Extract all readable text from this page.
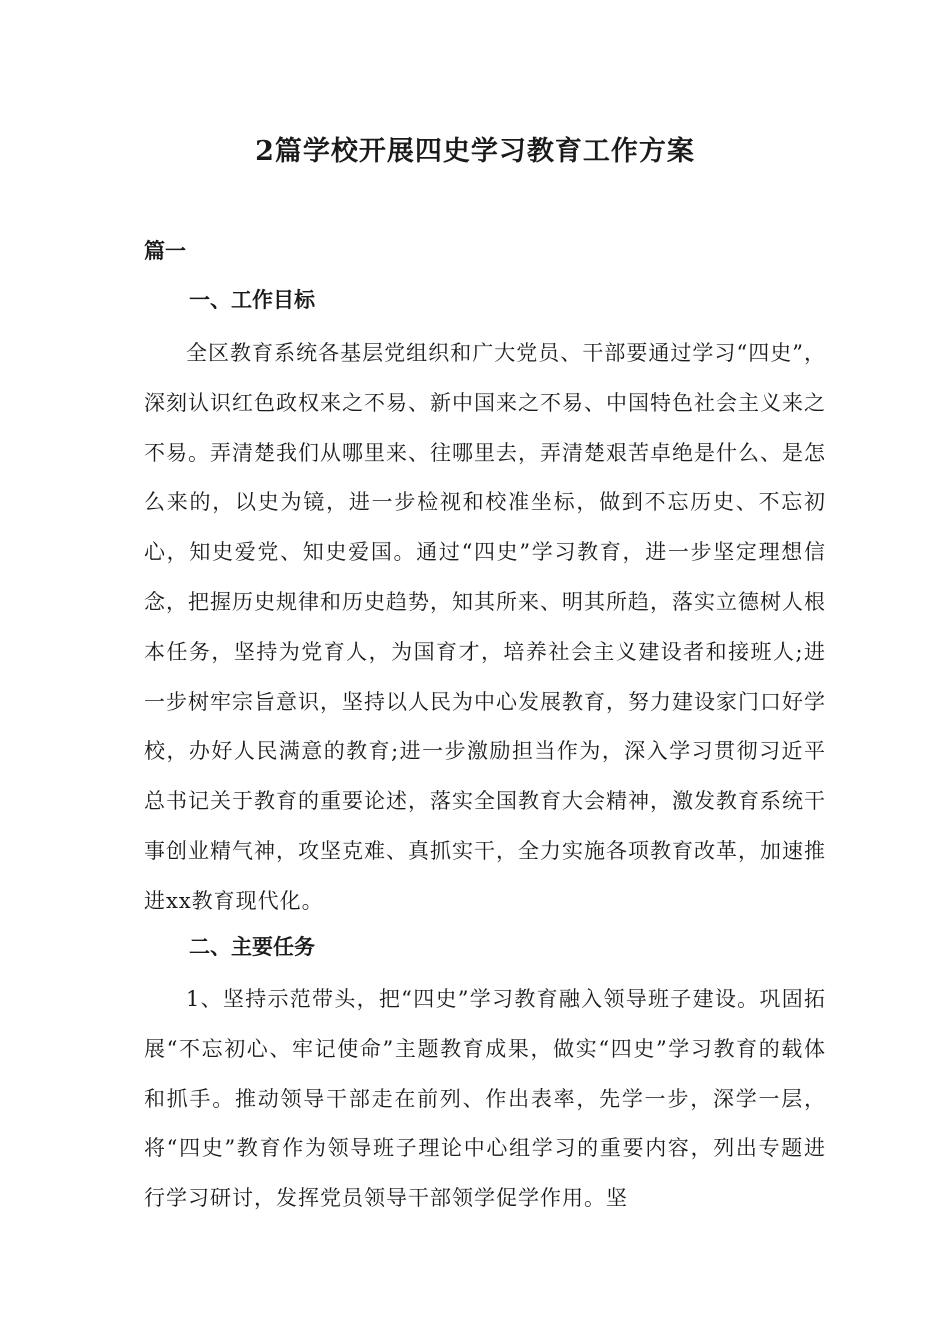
2篇学校开展四史学习教育工作方案
篇一
一、工作目标

全区教育系统各基层党组织和广大党员、干部要通过学习“四史”，深刻认识红色政权来之不易、新中国来之不易、中国特色社会主义来之不易。弄清楚我们从哪里来、往哪里去，弄清楚艰苦卓绝是什么、是怎么来的，以史为镜，进一步检视和校准坐标，做到不忘历史、不忘初心，知史爱党、知史爱国。通过“四史”学习教育，进一步坚定理想信念，把握历史规律和历史趋势，知其所来、明其所趋，落实立德树人根本任务，坚持为党育人，为国育才，培养社会主义建设者和接班人;进一步树牢宗旨意识，坚持以人民为中心发展教育，努力建设家门口好学校，办好人民满意的教育;进一步激励担当作为，深入学习贯彻习近平总书记关于教育的重要论述，落实全国教育大会精神，激发教育系统干事创业精气神，攻坚克难、真抓实干，全力实施各项教育改革，加速推进xx教育现代化。

二、主要任务

1、坚持示范带头，把“四史”学习教育融入领导班子建设。巩固拓展“不忘初心、牢记使命”主题教育成果，做实“四史”学习教育的载体和抓手。推动领导干部走在前列、作出表率，先学一步，深学一层，将“四史”教育作为领导班子理论中心组学习的重要内容，列出专题进行学习研讨，发挥党员领导干部领学促学作用。坚
